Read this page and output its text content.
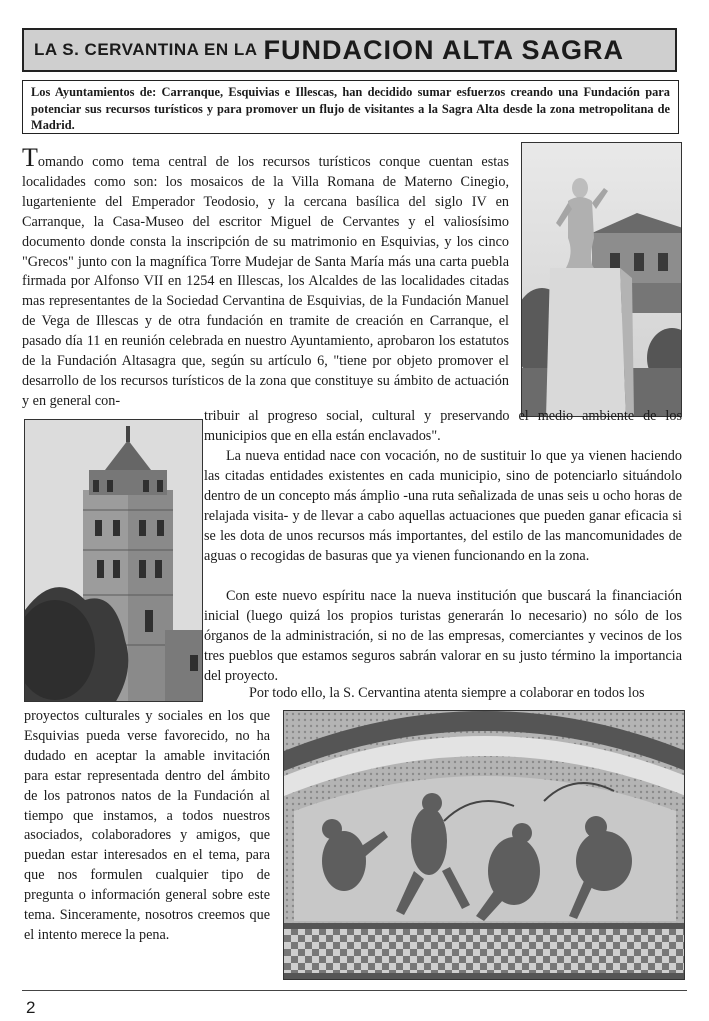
LA S. CERVANTINA EN LA FUNDACION ALTA SAGRA
Los Ayuntamientos de: Carranque, Esquivias e Illescas, han decidido sumar esfuerzos creando una Fundación para potenciar sus recursos turísticos y para promover un flujo de visitantes a la Sagra Alta desde la zona metropolitana de Madrid.
Tomando como tema central de los recursos turísticos conque cuentan estas localidades como son: los mosaicos de la Villa Romana de Materno Cinegio, lugarteniente del Emperador Teodosio, y la cercana basílica del siglo IV en Carranque, la Casa-Museo del escritor Miguel de Cervantes y el valiosísimo documento donde consta la inscripción de su matrimonio en Esquivias, y los cinco "Grecos" junto con la magnífica Torre Mudejar de Santa María más una carta puebla firmada por Alfonso VII en 1254 en Illescas, los Alcaldes de las localidades citadas mas representantes de la Sociedad Cervantina de Esquivias, de la Fundación Manuel de Vega de Illescas y de otra fundación en tramite de creación en Carranque, el pasado día 11 en reunión celebrada en nuestro Ayuntamiento, aprobaron los estatutos de la Fundación Altasagra que, según su artículo 6, "tiene por objeto promover el desarrollo de los recursos turísticos de la zona que constituye su ámbito de actuación y en general con-
tribuir al progreso social, cultural y preservando el medio ambiente de los municipios que en ella están enclavados".
La nueva entidad nace con vocación, no de sustituir lo que ya vienen haciendo las citadas entidades existentes en cada municipio, sino de potenciarlo situándolo dentro de un concepto más ámplio -una ruta señalizada de unas seis u ocho horas de relajada visita- y de llevar a cabo aquellas actuaciones que pueden ganar eficacia si se les dota de unos recursos más importantes, del estilo de las mancomunidades de aguas o recogidas de basuras que ya vienen funcionando en la zona.
Con este nuevo espíritu nace la nueva institución que buscará la financiación inicial (luego quizá los propios turistas generarán lo necesario) no sólo de los órganos de la administración, si no de las empresas, comerciantes y vecinos de los tres pueblos que estamos seguros sabrán valorar en su justo término la importancia del proyecto.
Por todo ello, la S. Cervantina atenta siempre a colaborar en todos los
proyectos culturales y sociales en los que Esquivias pueda verse favorecido, no ha dudado en aceptar la amable invitación para estar representada dentro del ámbito de los patronos natos de la Fundación al tiempo que instamos, a todos nuestros asociados, colaboradores y amigos, que puedan estar interesados en el tema, para que nos formulen cualquier tipo de pregunta o información general sobre este tema. Sinceramente, nosotros creemos que el intento merece la pena.
2
